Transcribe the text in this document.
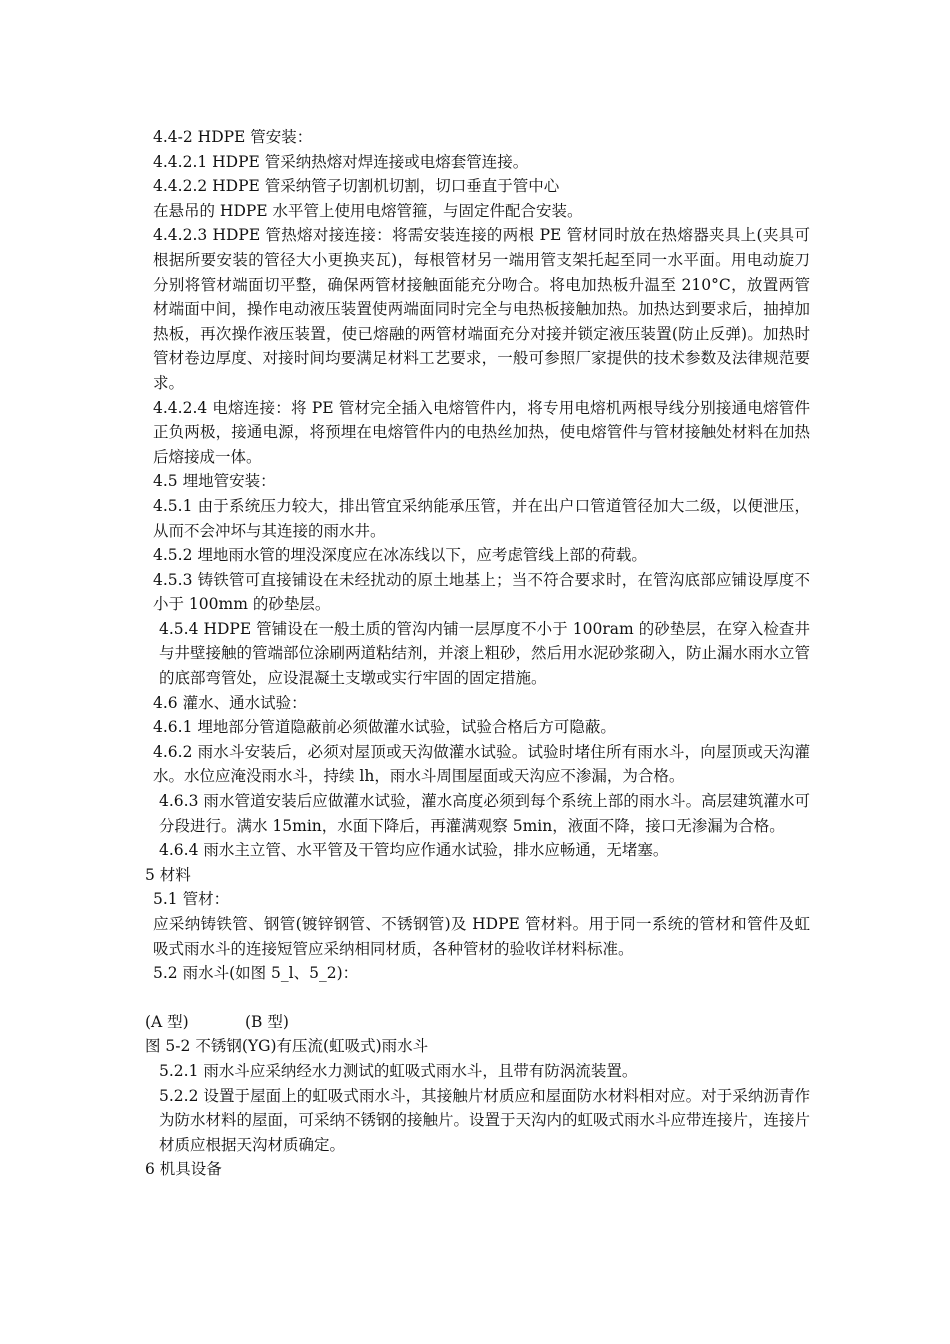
4.4-2 HDPE 管安装：

4.4.2.1 HDPE 管采纳热熔对焊连接或电熔套管连接。

4.4.2.2 HDPE 管采纳管子切割机切割，切口垂直于管中心

在悬吊的 HDPE 水平管上使用电熔管箍，与固定件配合安装。

4.4.2.3 HDPE 管热熔对接连接：将需安装连接的两根 PE 管材同时放在热熔器夹具上(夹具可根据所要安装的管径大小更换夹瓦)，每根管材另一端用管支架托起至同一水平面。用电动旋刀分别将管材端面切平整，确保两管材接触面能充分吻合。将电加热板升温至 210°C，放置两管材端面中间，操作电动液压装置使两端面同时完全与电热板接触加热。加热达到要求后，抽掉加热板，再次操作液压装置，使已熔融的两管材端面充分对接并锁定液压装置(防止反弹)。加热时管材卷边厚度、对接时间均要满足材料工艺要求，一般可参照厂家提供的技术参数及法律规范要求。

4.4.2.4 电熔连接：将 PE 管材完全插入电熔管件内，将专用电熔机两根导线分别接通电熔管件正负两极，接通电源，将预埋在电熔管件内的电热丝加热，使电熔管件与管材接触处材料在加热后熔接成一体。

4.5 埋地管安装：

4.5.1 由于系统压力较大，排出管宜采纳能承压管，并在出户口管道管径加大二级，以便泄压，从而不会冲坏与其连接的雨水井。

4.5.2 埋地雨水管的埋没深度应在冰冻线以下，应考虑管线上部的荷载。

4.5.3 铸铁管可直接铺设在未经扰动的原土地基上；当不符合要求时，在管沟底部应铺设厚度不小于 100mm 的砂垫层。

4.5.4 HDPE 管铺设在一般土质的管沟内铺一层厚度不小于 100ram 的砂垫层，在穿入检查井与井壁接触的管端部位涂刷两道粘结剂，并滚上粗砂，然后用水泥砂浆砌入，防止漏水雨水立管的底部弯管处，应设混凝土支墩或实行牢固的固定措施。

4.6 灌水、通水试验：

4.6.1 埋地部分管道隐蔽前必须做灌水试验，试验合格后方可隐蔽。

4.6.2 雨水斗安装后，必须对屋顶或天沟做灌水试验。试验时堵住所有雨水斗，向屋顶或天沟灌水。水位应淹没雨水斗，持续 lh，雨水斗周围屋面或天沟应不渗漏，为合格。

4.6.3 雨水管道安装后应做灌水试验，灌水高度必须到每个系统上部的雨水斗。高层建筑灌水可分段进行。满水 15min，水面下降后，再灌满观察 5min，液面不降，接口无渗漏为合格。

4.6.4 雨水主立管、水平管及干管均应作通水试验，排水应畅通，无堵塞。

5 材料

5.1 管材：

应采纳铸铁管、钢管(镀锌钢管、不锈钢管)及 HDPE 管材料。用于同一系统的管材和管件及虹吸式雨水斗的连接短管应采纳相同材质，各种管材的验收详材料标准。

5.2 雨水斗(如图 5_l、5_2)：

(A 型)	(B 型)

图 5-2 不锈钢(YG)有压流(虹吸式)雨水斗

5.2.1 雨水斗应采纳经水力测试的虹吸式雨水斗，且带有防涡流装置。

5.2.2 设置于屋面上的虹吸式雨水斗，其接触片材质应和屋面防水材料相对应。对于采纳沥青作为防水材料的屋面，可采纳不锈钢的接触片。设置于天沟内的虹吸式雨水斗应带连接片，连接片材质应根据天沟材质确定。

6 机具设备
